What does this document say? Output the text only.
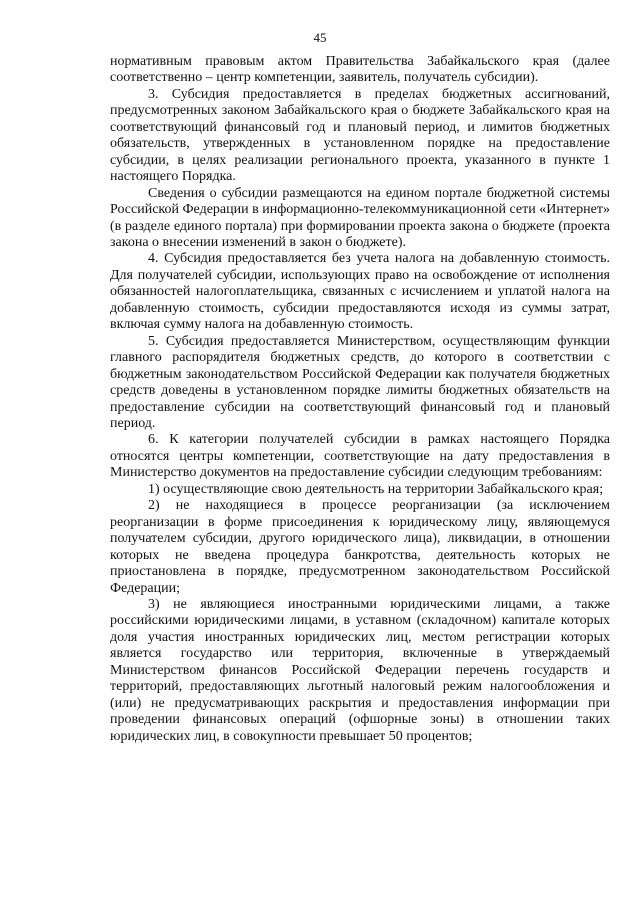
45

нормативным правовым актом Правительства Забайкальского края (далее соответственно – центр компетенции, заявитель, получатель субсидии).

3. Субсидия предоставляется в пределах бюджетных ассигнований, предусмотренных законом Забайкальского края о бюджете Забайкальского края на соответствующий финансовый год и плановый период, и лимитов бюджетных обязательств, утвержденных в установленном порядке на предоставление субсидии, в целях реализации регионального проекта, указанного в пункте 1 настоящего Порядка.

Сведения о субсидии размещаются на едином портале бюджетной системы Российской Федерации в информационно-телекоммуникационной сети «Интернет» (в разделе единого портала) при формировании проекта закона о бюджете (проекта закона о внесении изменений в закон о бюджете).

4. Субсидия предоставляется без учета налога на добавленную стоимость. Для получателей субсидии, использующих право на освобождение от исполнения обязанностей налогоплательщика, связанных с исчислением и уплатой налога на добавленную стоимость, субсидии предоставляются исходя из суммы затрат, включая сумму налога на добавленную стоимость.

5. Субсидия предоставляется Министерством, осуществляющим функции главного распорядителя бюджетных средств, до которого в соответствии с бюджетным законодательством Российской Федерации как получателя бюджетных средств доведены в установленном порядке лимиты бюджетных обязательств на предоставление субсидии на соответствующий финансовый год и плановый период.

6. К категории получателей субсидии в рамках настоящего Порядка относятся центры компетенции, соответствующие на дату предоставления в Министерство документов на предоставление субсидии следующим требованиям:

1) осуществляющие свою деятельность на территории Забайкальского края;

2) не находящиеся в процессе реорганизации (за исключением реорганизации в форме присоединения к юридическому лицу, являющемуся получателем субсидии, другого юридического лица), ликвидации, в отношении которых не введена процедура банкротства, деятельность которых не приостановлена в порядке, предусмотренном законодательством Российской Федерации;

3) не являющиеся иностранными юридическими лицами, а также российскими юридическими лицами, в уставном (складочном) капитале которых доля участия иностранных юридических лиц, местом регистрации которых является государство или территория, включенные в утверждаемый Министерством финансов Российской Федерации перечень государств и территорий, предоставляющих льготный налоговый режим налогообложения и (или) не предусматривающих раскрытия и предоставления информации при проведении финансовых операций (офшорные зоны) в отношении таких юридических лиц, в совокупности превышает 50 процентов;
